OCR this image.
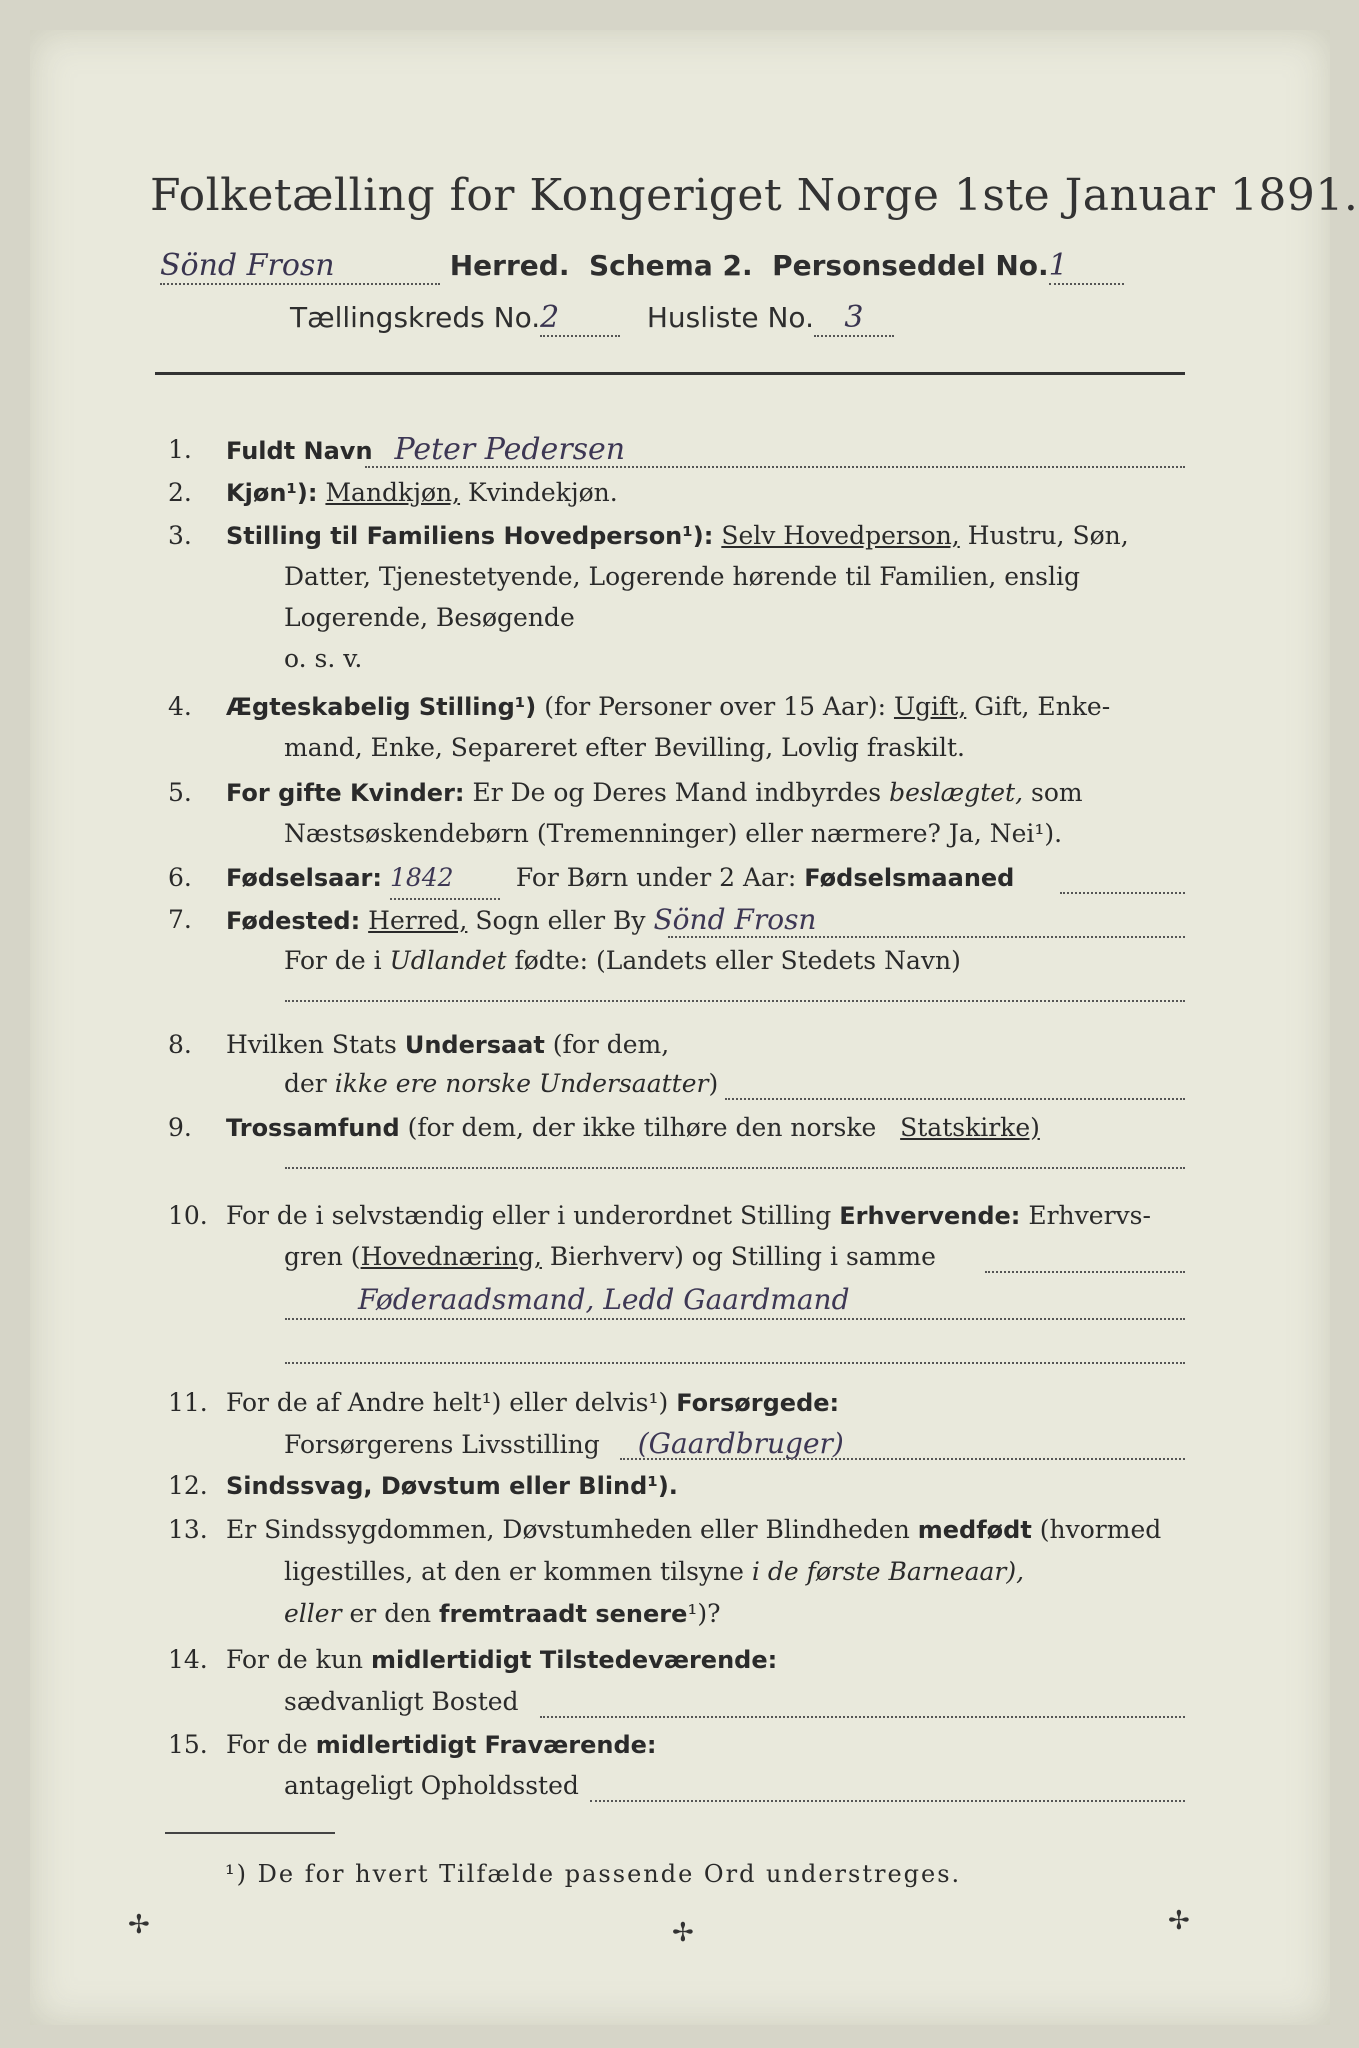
Folketælling for Kongeriget Norge 1ste Januar 1891.
Sönd Frosn	Herred. Schema 2. Personseddel No.1
Tællingskreds No.2	Husliste No. 3
1.	Fuldt Navn Peter Pedersen
2.	Kjøn¹): Mandkjøn, Kvindekjøn.
3.	Stilling til Familiens Hovedperson¹): Selv Hovedperson, Hustru, Søn,
Datter, Tjenestetyende, Logerende hørende til Familien, enslig
Logerende, Besøgende
o. s. v.
4.	Ægteskabelig Stilling¹) (for Personer over 15 Aar): Ugift, Gift, Enke-
mand, Enke, Separeret efter Bevilling, Lovlig fraskilt.
5.	For gifte Kvinder: Er De og Deres Mand indbyrdes beslægtet, som
Næstsøskendebørn (Tremenninger) eller nærmere? Ja, Nei¹).
6.	Fødselsaar: 1842 For Børn under 2 Aar: Fødselsmaaned
7.	Fødested: Herred, Sogn eller By Sönd Frosn
For de i Udlandet fødte: (Landets eller Stedets Navn)
8.	Hvilken Stats Undersaat (for dem,
der ikke ere norske Undersaatter)
9.	Trossamfund (for dem, der ikke tilhøre den norske Statskirke)
10. For de i selvstændig eller i underordnet Stilling Erhvervende: Erhvervs-
gren (Hovednæring, Bierhverv) og Stilling i samme
Føderaadsmand, Ledd Gaardmand
11. For de af Andre helt¹) eller delvis¹) Forsørgede:
Forsørgerens Livsstilling (Gaardbruger)
12. Sindssvag, Døvstum eller Blind¹).
13. Er Sindssygdommen, Døvstumheden eller Blindheden medfødt (hvormed
ligestilles, at den er kommen tilsyne i de første Barneaar),
eller er den fremtraadt senere¹)?
14. For de kun midlertidigt Tilstedeværende:
sædvanligt Bosted
15. For de midlertidigt Fraværende:
antageligt Opholdssted
¹) De for hvert Tilfælde passende Ord understreges.
✢	✢	✢
